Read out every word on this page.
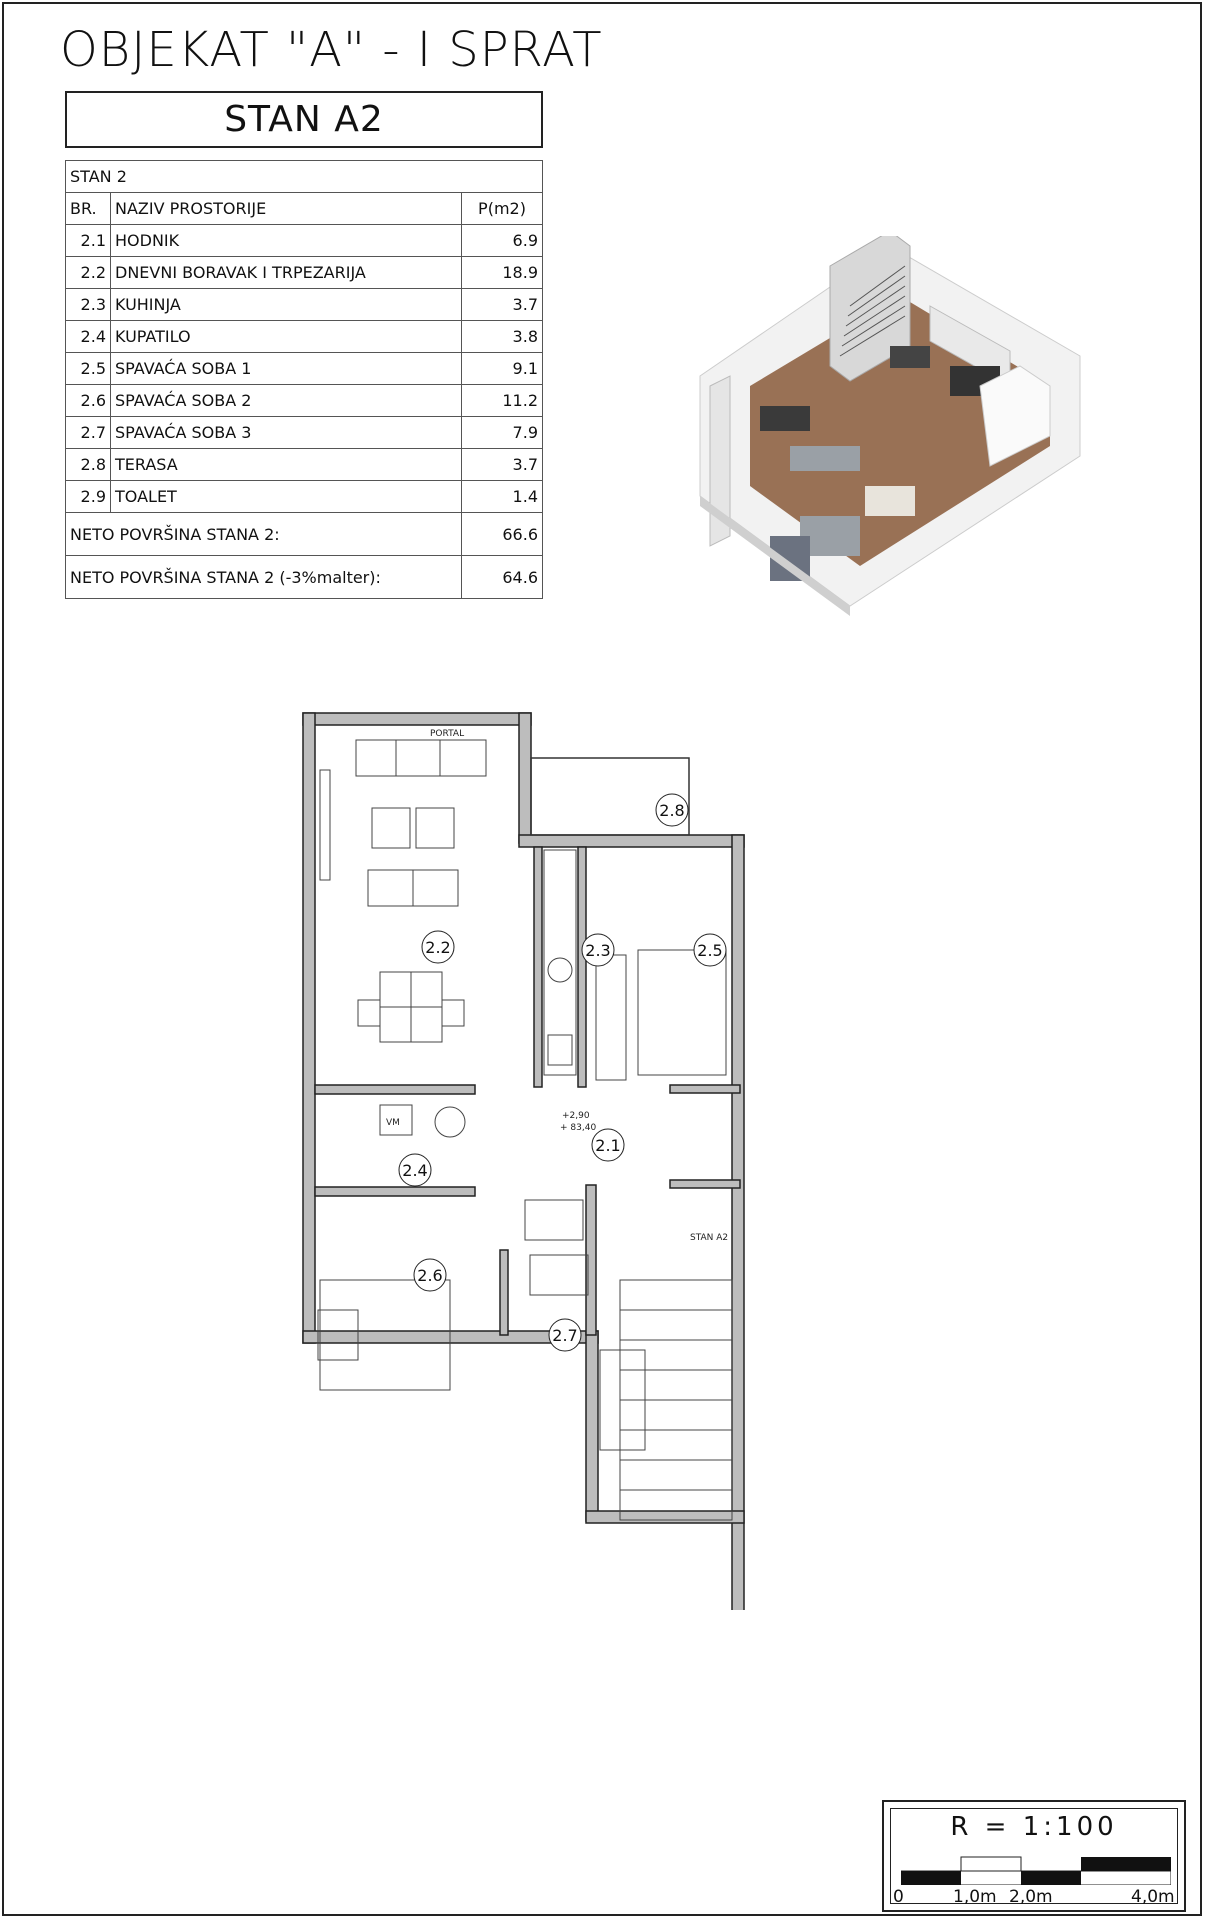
OBJEKAT "A" - I SPRAT
STAN A2
STAN 2		
BR.	NAZIV PROSTORIJE	P(m2)
2.1	HODNIK	6.9
2.2	DNEVNI BORAVAK I TRPEZARIJA	18.9
2.3	KUHINJA	3.7
2.4	KUPATILO	3.8
2.5	SPAVAĆA SOBA 1	9.1
2.6	SPAVAĆA SOBA 2	11.2
2.7	SPAVAĆA SOBA 3	7.9
2.8	TERASA	3.7
2.9	TOALET	1.4
NETO POVRŠINA STANA 2:		66.6
NETO POVRŠINA STANA 2 (-3%malter):		64.6
PORTAL
VM
+2,90
+ 83,40
STAN A2
2.1
2.2	2.3
2.4
2.5
2.6
2.7
2.8
R = 1:100
0	1,0m 2,0m	4,0m
